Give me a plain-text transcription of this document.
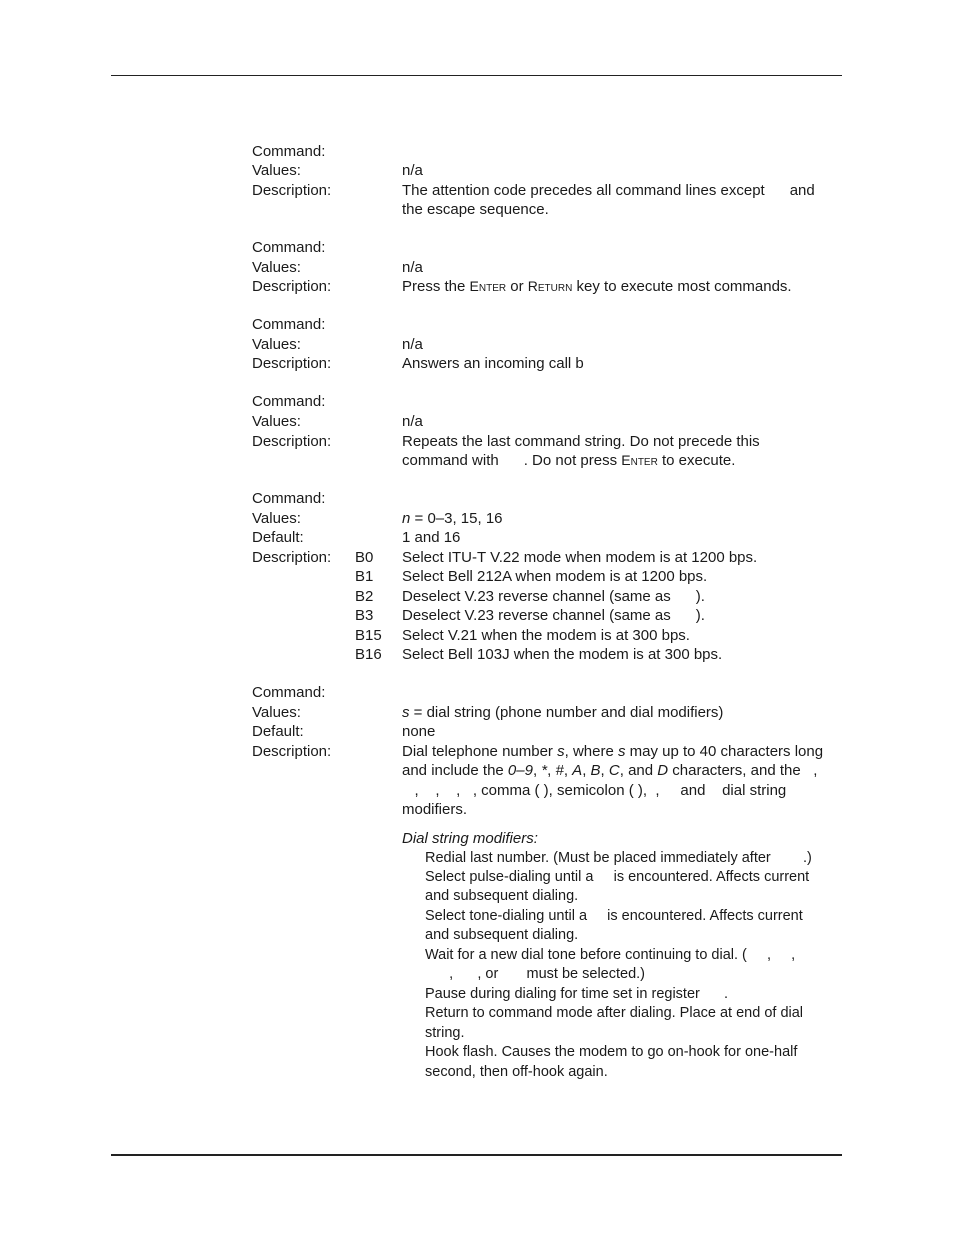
Command:
Values:	n/a
Description:	The attention code precedes all command lines except      and
the escape sequence.
Command:
Values:	n/a
Description:	Press the Enter or Return key to execute most commands.
Command:
Values:	n/a
Description:	Answers an incoming call b
Command:
Values:	n/a
Description:	Repeats the last command string. Do not precede this
command with      . Do not press Enter to execute.
Command:
Values:	n = 0–3, 15, 16
Default:	1 and 16
Description: B0 Select ITU-T V.22 mode when modem is at 1200 bps.
B1 Select Bell 212A when modem is at 1200 bps.
B2 Deselect V.23 reverse channel (same as      ).
B3 Deselect V.23 reverse channel (same as      ).
B15 Select V.21 when the modem is at 300 bps.
B16 Select Bell 103J when the modem is at 300 bps.
Command:
Values:	s = dial string (phone number and dial modifiers)
Default:	none
Description:	Dial telephone number s, where s may up to 40 characters long
and include the 0–9, *, #, A, B, C, and D characters, and the   ,
,    ,    ,   , comma ( ), semicolon ( ),  ,     and    dial string
modifiers.
Dial string modifiers:
Redial last number. (Must be placed immediately after        .)
Select pulse-dialing until a     is encountered. Affects current
and subsequent dialing.
Select tone-dialing until a     is encountered. Affects current
and subsequent dialing.
Wait for a new dial tone before continuing to dial. (     ,     ,
,      , or       must be selected.)
Pause during dialing for time set in register      .
Return to command mode after dialing. Place at end of dial
string.
Hook flash. Causes the modem to go on-hook for one-half
second, then off-hook again.
